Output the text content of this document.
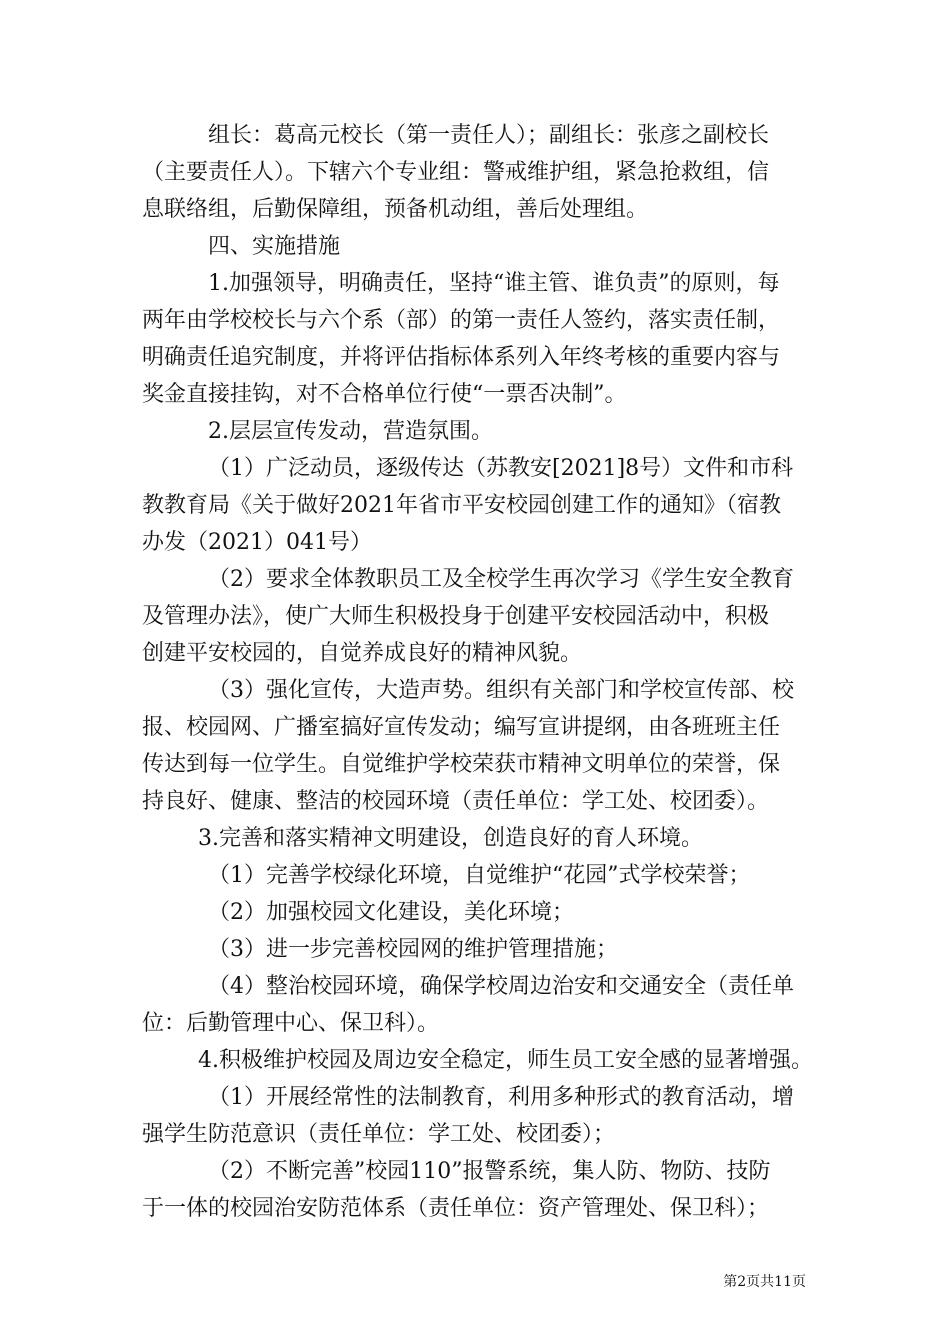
组长：葛高元校长（第一责任人）；副组长：张彦之副校长
（主要责任人）。下辖六个专业组：警戒维护组，紧急抢救组，信
息联络组，后勤保障组，预备机动组，善后处理组。
四、实施措施
1.加强领导，明确责任，坚持“谁主管、谁负责”的原则，每
两年由学校校长与六个系（部）的第一责任人签约，落实责任制，
明确责任追究制度，并将评估指标体系列入年终考核的重要内容与
奖金直接挂钩，对不合格单位行使“一票否决制”。
2.层层宣传发动，营造氛围。
（1）广泛动员，逐级传达（苏教安[2021]8号）文件和市科
教教育局《关于做好2021年省市平安校园创建工作的通知》（宿教
办发（2021）041号）
（2）要求全体教职员工及全校学生再次学习《学生安全教育
及管理办法》，使广大师生积极投身于创建平安校园活动中，积极
创建平安校园的，自觉养成良好的精神风貌。
（3）强化宣传，大造声势。组织有关部门和学校宣传部、校
报、校园网、广播室搞好宣传发动；编写宣讲提纲，由各班班主任
传达到每一位学生。自觉维护学校荣获市精神文明单位的荣誉，保
持良好、健康、整洁的校园环境（责任单位：学工处、校团委）。
3.完善和落实精神文明建设，创造良好的育人环境。
（1）完善学校绿化环境，自觉维护“花园”式学校荣誉；
（2）加强校园文化建设，美化环境；
（3）进一步完善校园网的维护管理措施；
（4）整治校园环境，确保学校周边治安和交通安全（责任单
位：后勤管理中心、保卫科）。
4.积极维护校园及周边安全稳定，师生员工安全感的显著增强。
（1）开展经常性的法制教育，利用多种形式的教育活动，增
强学生防范意识（责任单位：学工处、校团委）；
（2）不断完善”校园110”报警系统，集人防、物防、技防
于一体的校园治安防范体系（责任单位：资产管理处、保卫科）；
第2页共11页
